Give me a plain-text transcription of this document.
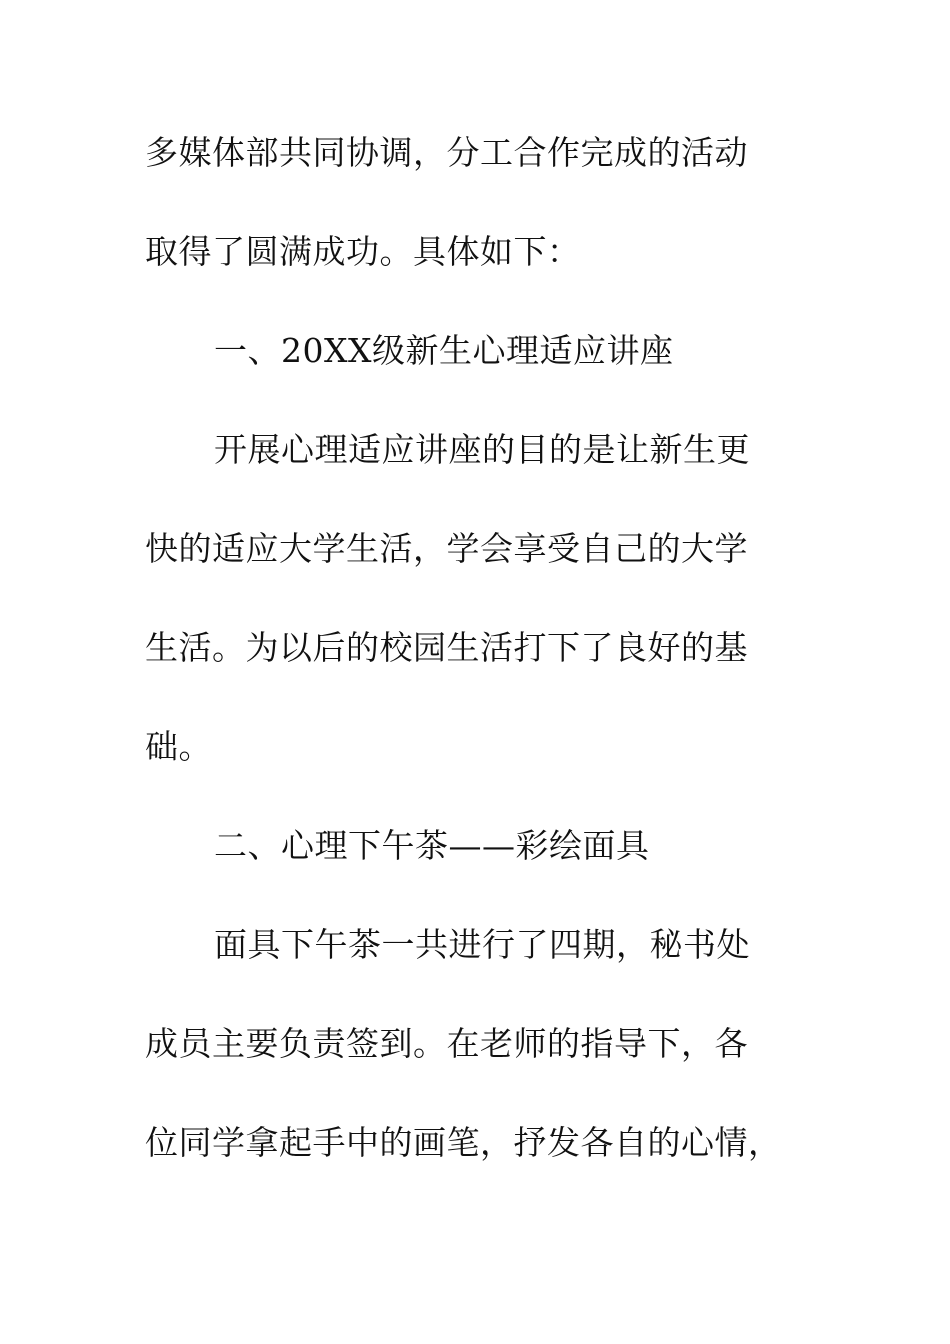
多媒体部共同协调，分工合作完成的活动
取得了圆满成功。具体如下：
一、20XX级新生心理适应讲座
开展心理适应讲座的目的是让新生更
快的适应大学生活，学会享受自己的大学
生活。为以后的校园生活打下了良好的基
础。
二、心理下午茶——彩绘面具
面具下午茶一共进行了四期，秘书处
成员主要负责签到。在老师的指导下，各
位同学拿起手中的画笔，抒发各自的心情，
